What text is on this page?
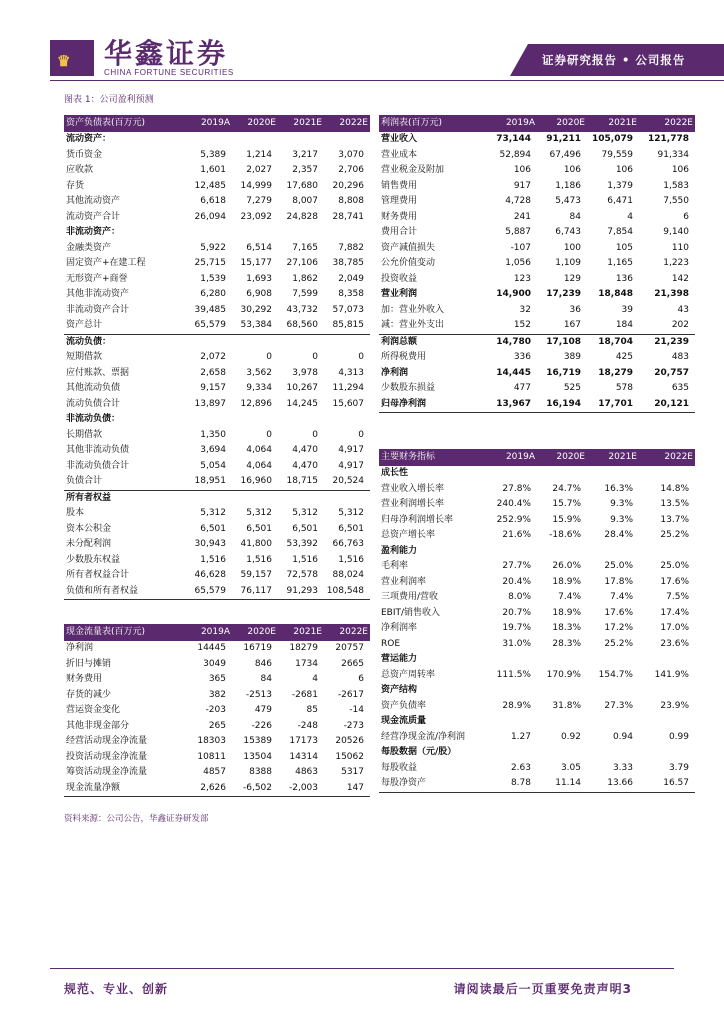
♛ 华鑫证券
CHINA FORTUNE SECURITIES
证券研究报告 • 公司报告
图表 1：公司盈利预测
资产负债表(百万元)	2019A	2020E	2021E	2022E
流动资产：				
货币资金	5,389	1,214	3,217	3,070
应收款	1,601	2,027	2,357	2,706
存货	12,485	14,999	17,680	20,296
其他流动资产	6,618	7,279	8,007	8,808
流动资产合计	26,094	23,092	24,828	28,741
非流动资产：				
金融类资产	5,922	6,514	7,165	7,882
固定资产+在建工程	25,715	15,177	27,106	38,785
无形资产+商誉	1,539	1,693	1,862	2,049
其他非流动资产	6,280	6,908	7,599	8,358
非流动资产合计	39,485	30,292	43,732	57,073
资产总计	65,579	53,384	68,560	85,815
流动负债：				
短期借款	2,072	0	0	0
应付账款、票据	2,658	3,562	3,978	4,313
其他流动负债	9,157	9,334	10,267	11,294
流动负债合计	13,897	12,896	14,245	15,607
非流动负债：				
长期借款	1,350	0	0	0
其他非流动负债	3,694	4,064	4,470	4,917
非流动负债合计	5,054	4,064	4,470	4,917
负债合计	18,951	16,960	18,715	20,524
所有者权益				
股本	5,312	5,312	5,312	5,312
资本公积金	6,501	6,501	6,501	6,501
未分配利润	30,943	41,800	53,392	66,763
少数股东权益	1,516	1,516	1,516	1,516
所有者权益合计	46,628	59,157	72,578	88,024
负债和所有者权益	65,579	76,117	91,293	108,548
现金流量表(百万元)	2019A	2020E	2021E	2022E
净利润	14445	16719	18279	20757
折旧与摊销	3049	846	1734	2665
财务费用	365	84	4	6
存货的减少	382	-2513	-2681	-2617
营运资金变化	-203	479	85	-14
其他非现金部分	265	-226	-248	-273
经营活动现金净流量	18303	15389	17173	20526
投资活动现金净流量	10811	13504	14314	15062
筹资活动现金净流量	4857	8388	4863	5317
现金流量净额	2,626	-6,502	-2,003	147
利润表(百万元)	2019A	2020E	2021E	2022E
营业收入	73,144	91,211	105,079	121,778
营业成本	52,894	67,496	79,559	91,334
营业税金及附加	106	106	106	106
销售费用	917	1,186	1,379	1,583
管理费用	4,728	5,473	6,471	7,550
财务费用	241	84	4	6
费用合计	5,887	6,743	7,854	9,140
资产减值损失	-107	100	105	110
公允价值变动	1,056	1,109	1,165	1,223
投资收益	123	129	136	142
营业利润	14,900	17,239	18,848	21,398
加：营业外收入	32	36	39	43
减：营业外支出	152	167	184	202
利润总额	14,780	17,108	18,704	21,239
所得税费用	336	389	425	483
净利润	14,445	16,719	18,279	20,757
少数股东损益	477	525	578	635
归母净利润	13,967	16,194	17,701	20,121
主要财务指标	2019A	2020E	2021E	2022E
成长性				
营业收入增长率	27.8%	24.7%	16.3%	14.8%
营业利润增长率	240.4%	15.7%	9.3%	13.5%
归母净利润增长率	252.9%	15.9%	9.3%	13.7%
总资产增长率	21.6%	-18.6%	28.4%	25.2%
盈利能力				
毛利率	27.7%	26.0%	25.0%	25.0%
营业利润率	20.4%	18.9%	17.8%	17.6%
三项费用/营收	8.0%	7.4%	7.4%	7.5%
EBIT/销售收入	20.7%	18.9%	17.6%	17.4%
净利润率	19.7%	18.3%	17.2%	17.0%
ROE	31.0%	28.3%	25.2%	23.6%
营运能力				
总资产周转率	111.5%	170.9%	154.7%	141.9%
资产结构				
资产负债率	28.9%	31.8%	27.3%	23.9%
现金流质量				
经营净现金流/净利润	1.27	0.92	0.94	0.99
每股数据（元/股）				
每股收益	2.63	3.05	3.33	3.79
每股净资产	8.78	11.14	13.66	16.57
资料来源：公司公告，华鑫证券研发部
规范、专业、创新	请阅读最后一页重要免责声明3
